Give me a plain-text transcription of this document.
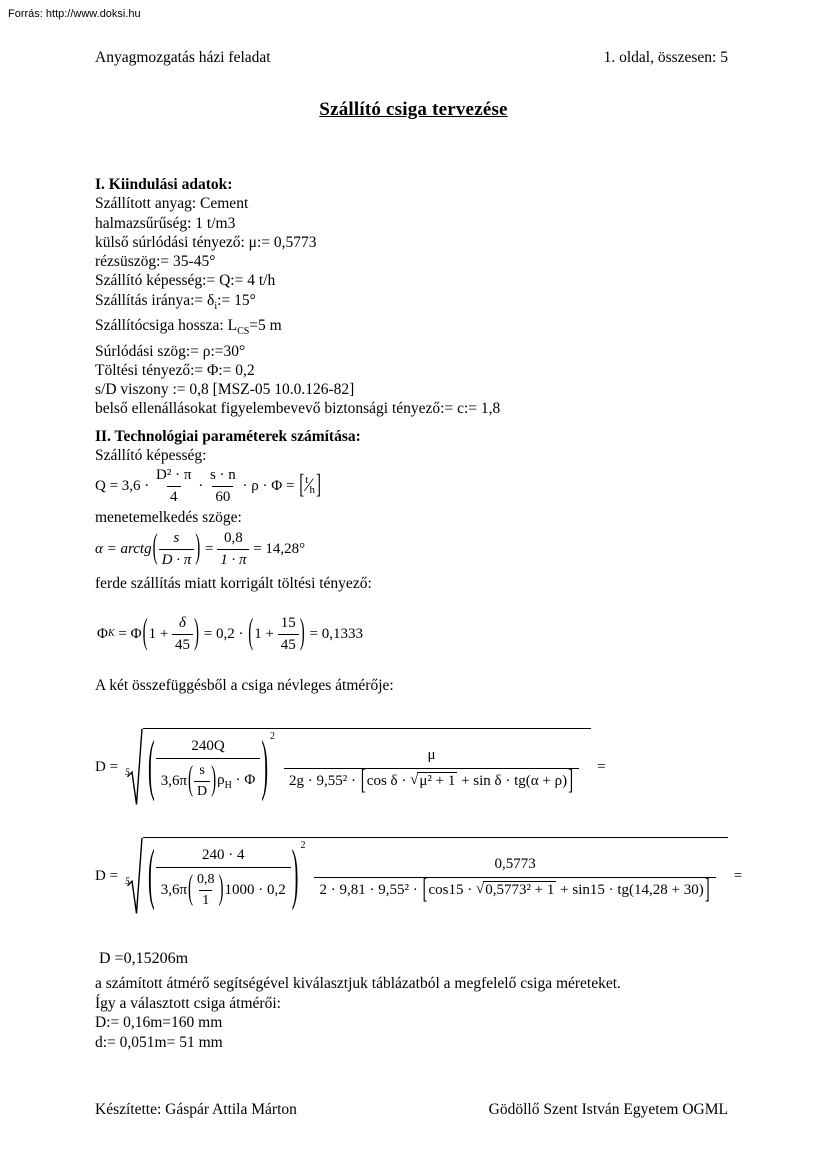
Forrás: http://www.doksi.hu
Anyagmozgatás házi feladat	1. oldal, összesen: 5
Szállító csiga tervezése
I. Kiindulási adatok:
Szállított anyag: Cement
halmazsűrűség: 1 t/m3
külső súrlódási tényező: μ:= 0,5773
rézsüszög:= 35-45°
Szállító képesség:= Q:= 4 t/h
Szállítás iránya:= $\delta_i:= 15^\circ$
Szállítócsiga hossza: $L_{CS}=5$ m
Súrlódási szög:= ρ:=30°
Töltési tényező:= Φ:= 0,2
s/D viszony := 0,8 [MSZ-05 10.0.126-82]
belső ellenállásokat figyelembevevő biztonsági tényező:= c:= 1,8
II. Technológiai paraméterek számítása:
Szállító képesség:
$Q = 3,6 \cdot \frac{\text{D² · π}}{4} \cdot \frac{s \cdot n}{60} \cdot \rho \cdot \Phi$ = [ t ∕ h ]
menetemelkedés szöge:
α = arctg ( $\frac{s}{D \cdot \pi}$ ) = $\frac{0,8}{1 \cdot \pi} = 14,28^\circ$
ferde szállítás miatt korrigált töltési tényező:
Φ K = Φ ( $1 + \frac{\delta}{45}$ ) = 0,2 · ( $1 + \frac{15}{45}$ ) = 0,1333
A két összefüggésből a csiga névleges átmérője:
D = 5

(	240Q
3,6π ( $\frac{s}{D}$ ) $\rho_H \cdot \Phi$ ) 2
μ
2g · 9,55² · [ cos δ · √ μ² + 1 + sin δ · tg (α + ρ) ] =
D = 5

(	240 · 4
3,6π ( $\frac{0,8}{1}$ ) 1000 · 0,2 ) 2
0,5773
2 · 9,81 · 9,55² · [ cos15 · √ 0,5773² + 1 + sin15 · tg (14,28 + 30) ] =
D =0,15206m
a számított átmérő segítségével kiválasztjuk táblázatból a megfelelő csiga méreteket.
Így a választott csiga átmérői:
D:= 0,16m=160 mm
d:= 0,051m= 51 mm
Készítette: Gáspár Attila Márton	Gödöllő Szent István Egyetem OGML
